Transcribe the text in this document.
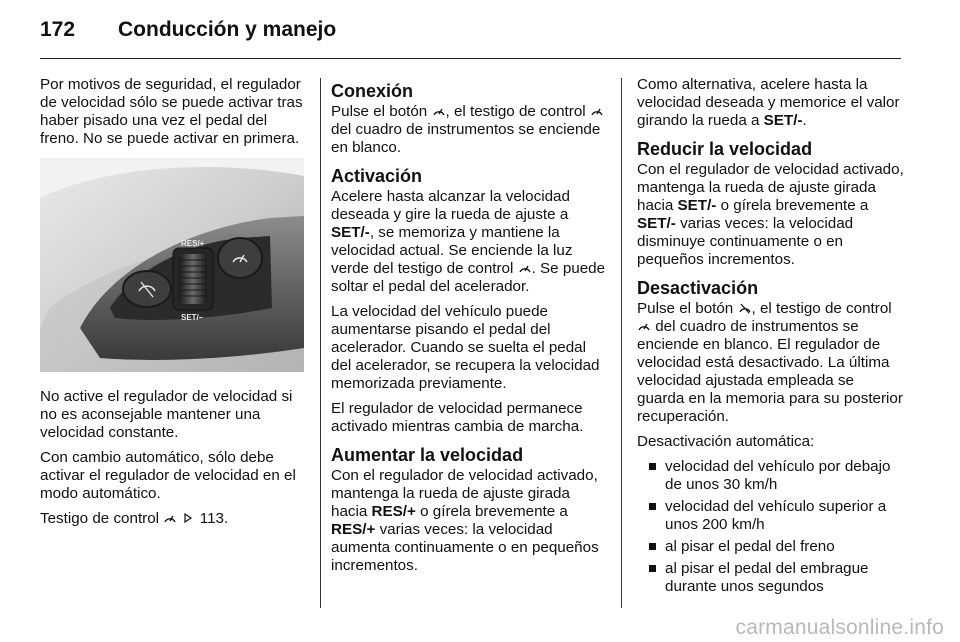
172	Conducción y manejo

Por motivos de seguridad, el regulador de velocidad sólo se puede activar tras haber pisado una vez el pedal del freno. No se puede activar en primera.

RES/+
SET/–

No active el regulador de velocidad si no es aconsejable mantener una velocidad constante.

Con cambio automático, sólo debe activar el regulador de velocidad en el modo automático.

Testigo de control
	113.

Conexión

Pulse el botón , el testigo de control
del cuadro de instrumentos se enciende en blanco.

Activación

Acelere hasta alcanzar la velocidad deseada y gire la rueda de ajuste a SET/-, se memoriza y mantiene la velocidad actual. Se enciende la luz verde del testigo de control . Se puede soltar el pedal del acelerador.

La velocidad del vehículo puede aumentarse pisando el pedal del acelerador. Cuando se suelta el pedal del acelerador, se recupera la velocidad memorizada previamente.

El regulador de velocidad permanece activado mientras cambia de marcha.

Aumentar la velocidad

Con el regulador de velocidad activado, mantenga la rueda de ajuste girada hacia RES/+ o gírela brevemente a RES/+ varias veces: la velocidad aumenta continuamente o en pequeños incrementos.

Como alternativa, acelere hasta la velocidad deseada y memorice el valor girando la rueda a SET/-.

Reducir la velocidad

Con el regulador de velocidad activado, mantenga la rueda de ajuste girada hacia SET/- o gírela brevemente a SET/- varias veces: la velocidad disminuye continuamente o en pequeños incrementos.

Desactivación

Pulse el botón , el testigo de control
del cuadro de instrumentos se enciende en blanco. El regulador de velocidad está desactivado. La última velocidad ajustada empleada se guarda en la memoria para su posterior recuperación.

Desactivación automática:

velocidad del vehículo por debajo de unos 30 km/h
velocidad del vehículo superior a unos 200 km/h
al pisar el pedal del freno
al pisar el pedal del embrague durante unos segundos
carmanualsonline.info
